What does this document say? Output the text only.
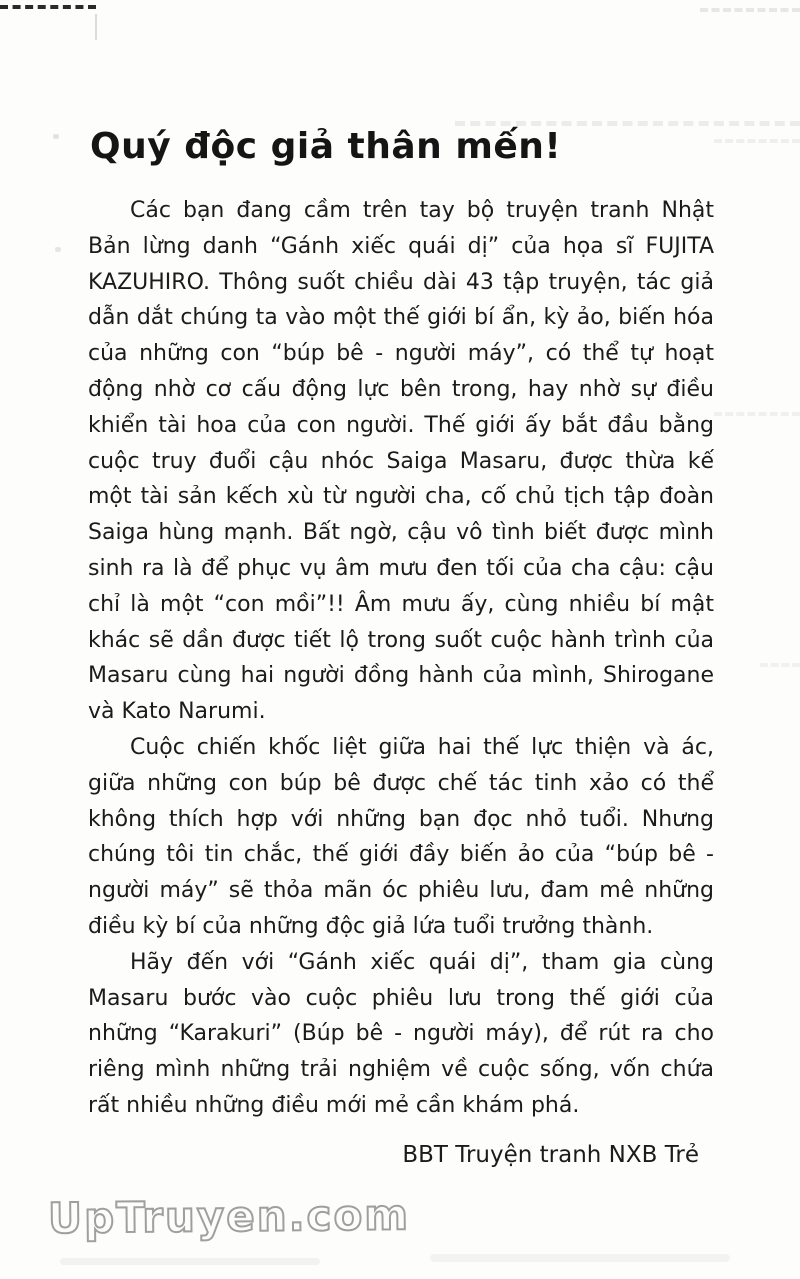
Quý độc giả thân mến!

Các bạn đang cầm trên tay bộ truyện tranh Nhật Bản lừng danh “Gánh xiếc quái dị” của họa sĩ FUJITA KAZUHIRO. Thông suốt chiều dài 43 tập truyện, tác giả dẫn dắt chúng ta vào một thế giới bí ẩn, kỳ ảo, biến hóa của những con “búp bê - người máy”, có thể tự hoạt động nhờ cơ cấu động lực bên trong, hay nhờ sự điều khiển tài hoa của con người. Thế giới ấy bắt đầu bằng cuộc truy đuổi cậu nhóc Saiga Masaru, được thừa kế một tài sản kếch xù từ người cha, cố chủ tịch tập đoàn Saiga hùng mạnh. Bất ngờ, cậu vô tình biết được mình sinh ra là để phục vụ âm mưu đen tối của cha cậu: cậu chỉ là một “con mồi”!! Âm mưu ấy, cùng nhiều bí mật khác sẽ dần được tiết lộ trong suốt cuộc hành trình của Masaru cùng hai người đồng hành của mình, Shirogane và Kato Narumi.

Cuộc chiến khốc liệt giữa hai thế lực thiện và ác, giữa những con búp bê được chế tác tinh xảo có thể không thích hợp với những bạn đọc nhỏ tuổi. Nhưng chúng tôi tin chắc, thế giới đầy biến ảo của “búp bê - người máy” sẽ thỏa mãn óc phiêu lưu, đam mê những điều kỳ bí của những độc giả lứa tuổi trưởng thành.

Hãy đến với “Gánh xiếc quái dị”, tham gia cùng Masaru bước vào cuộc phiêu lưu trong thế giới của những “Karakuri” (Búp bê - người máy), để rút ra cho riêng mình những trải nghiệm về cuộc sống, vốn chứa rất nhiều những điều mới mẻ cần khám phá.

BBT Truyện tranh NXB Trẻ
UpTruyen.com
